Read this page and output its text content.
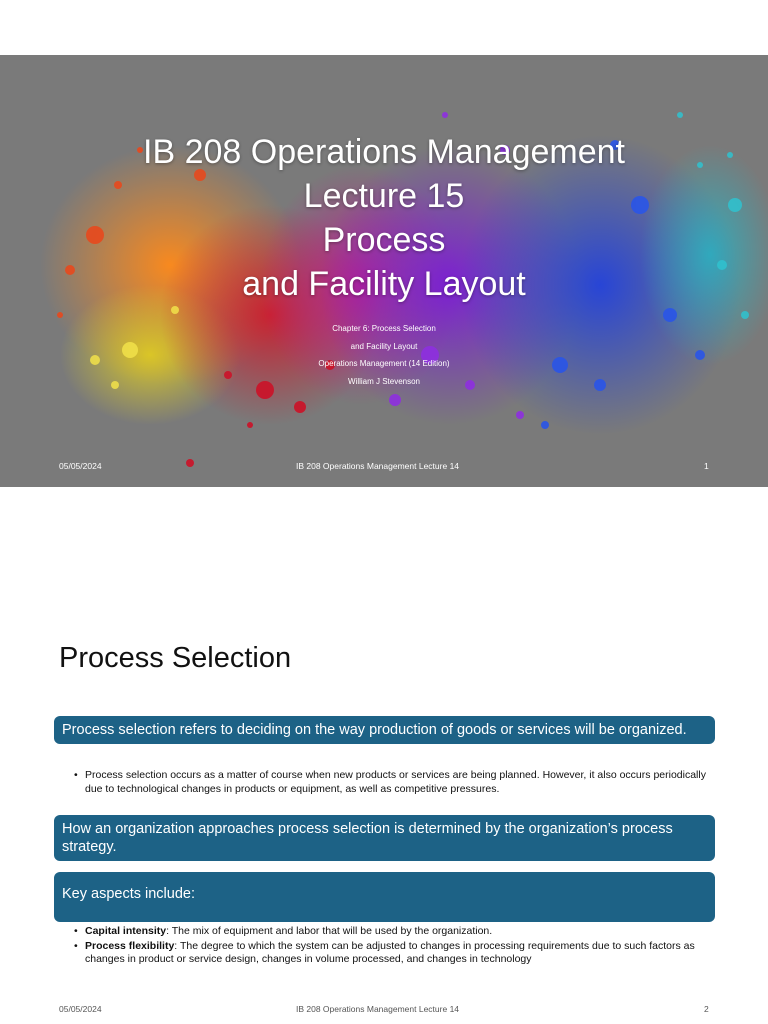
IB 208 Operations Management
Lecture 15
Process
and Facility Layout
Chapter 6: Process Selection
and Facility Layout
Operations Management (14 Edition)
William J Stevenson
05/05/2024	IB 208 Operations Management Lecture 14	1
Process Selection
Process selection refers to deciding on the way production of goods or services will be organized.
• Process selection occurs as a matter of course when new products or services are being planned. However, it also occurs periodically due to technological changes in products or equipment, as well as competitive pressures.
How an organization approaches process selection is determined by the organization’s process strategy.
Key aspects include:
• Capital intensity: The mix of equipment and labor that will be used by the organization.
• Process flexibility: The degree to which the system can be adjusted to changes in processing requirements due to such factors as changes in product or service design, changes in volume processed, and changes in technology
05/05/2024	IB 208 Operations Management Lecture 14	2
